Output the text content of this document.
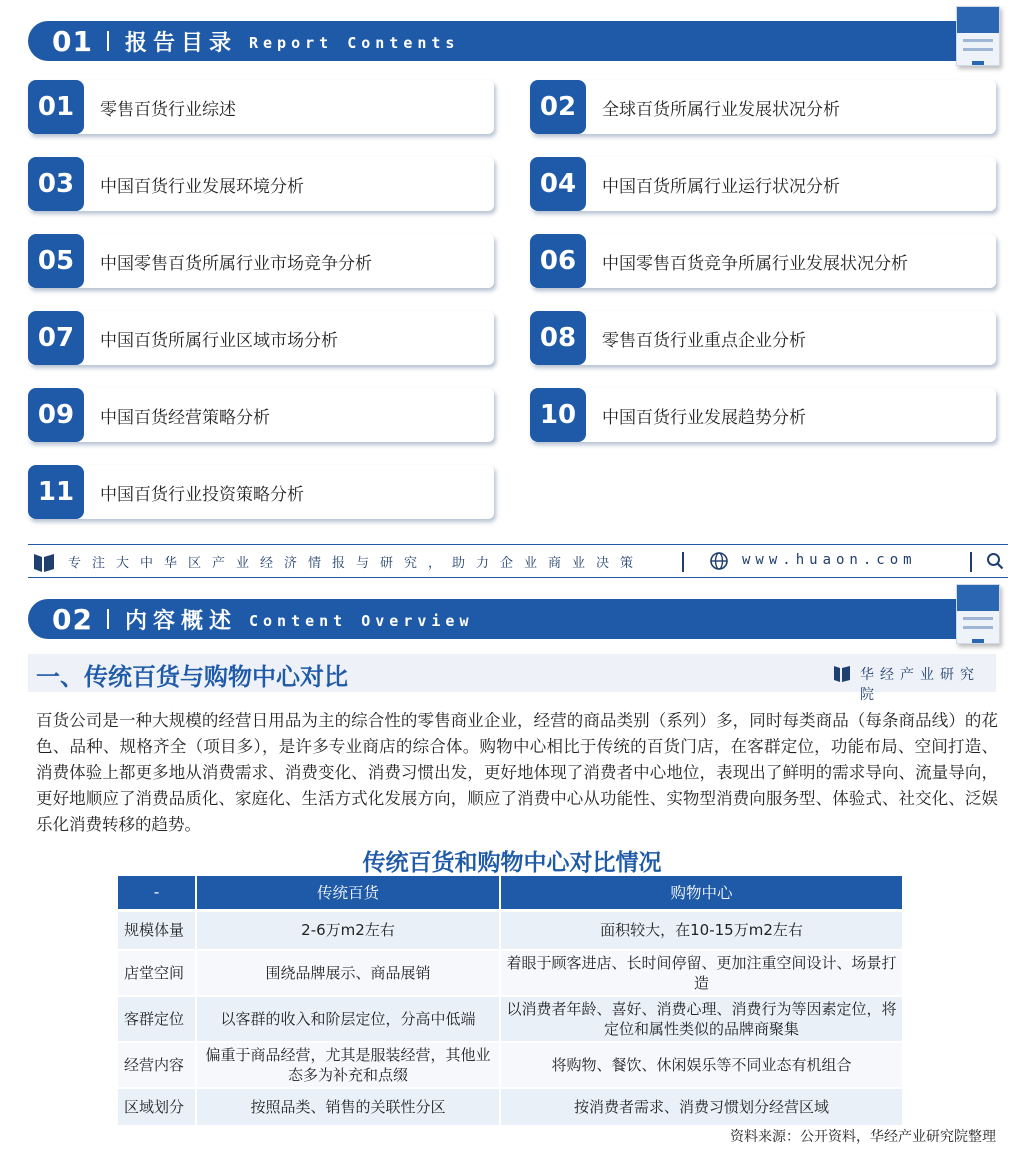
01 报告目录 Report Contents
01	零售百货行业综述	02	全球百货所属行业发展状况分析
03	中国百货行业发展环境分析	04	中国百货所属行业运行状况分析
05	中国零售百货所属行业市场竞争分析	06	中国零售百货竞争所属行业发展状况分析
07	中国百货所属行业区域市场分析	08	零售百货行业重点企业分析
09	中国百货经营策略分析	10	中国百货行业发展趋势分析
11	中国百货行业投资策略分析
专注大中华区产业经济情报与研究，助力企业商业决策	www.huaon.com
02 内容概述 Content Overview
一、传统百货与购物中心对比	华经产业研究院
百货公司是一种大规模的经营日用品为主的综合性的零售商业企业，经营的商品类别（系列）多，同时每类商品（每条商品线）的花色、品种、规格齐全（项目多），是许多专业商店的综合体。购物中心相比于传统的百货门店，在客群定位，功能布局、空间打造、消费体验上都更多地从消费需求、消费变化、消费习惯出发，更好地体现了消费者中心地位，表现出了鲜明的需求导向、流量导向，更好地顺应了消费品质化、家庭化、生活方式化发展方向，顺应了消费中心从功能性、实物型消费向服务型、体验式、社交化、泛娱乐化消费转移的趋势。
传统百货和购物中心对比情况
-	传统百货	购物中心
规模体量	2-6万m2左右	面积较大，在10-15万m2左右
店堂空间	围绕品牌展示、商品展销	着眼于顾客进店、长时间停留、更加注重空间设计、场景打造
客群定位	以客群的收入和阶层定位，分高中低端	以消费者年龄、喜好、消费心理、消费行为等因素定位，将定位和属性类似的品牌商聚集
经营内容	偏重于商品经营，尤其是服装经营，其他业态多为补充和点缀	将购物、餐饮、休闲娱乐等不同业态有机组合
区域划分	按照品类、销售的关联性分区	按消费者需求、消费习惯划分经营区域
资料来源：公开资料，华经产业研究院整理
